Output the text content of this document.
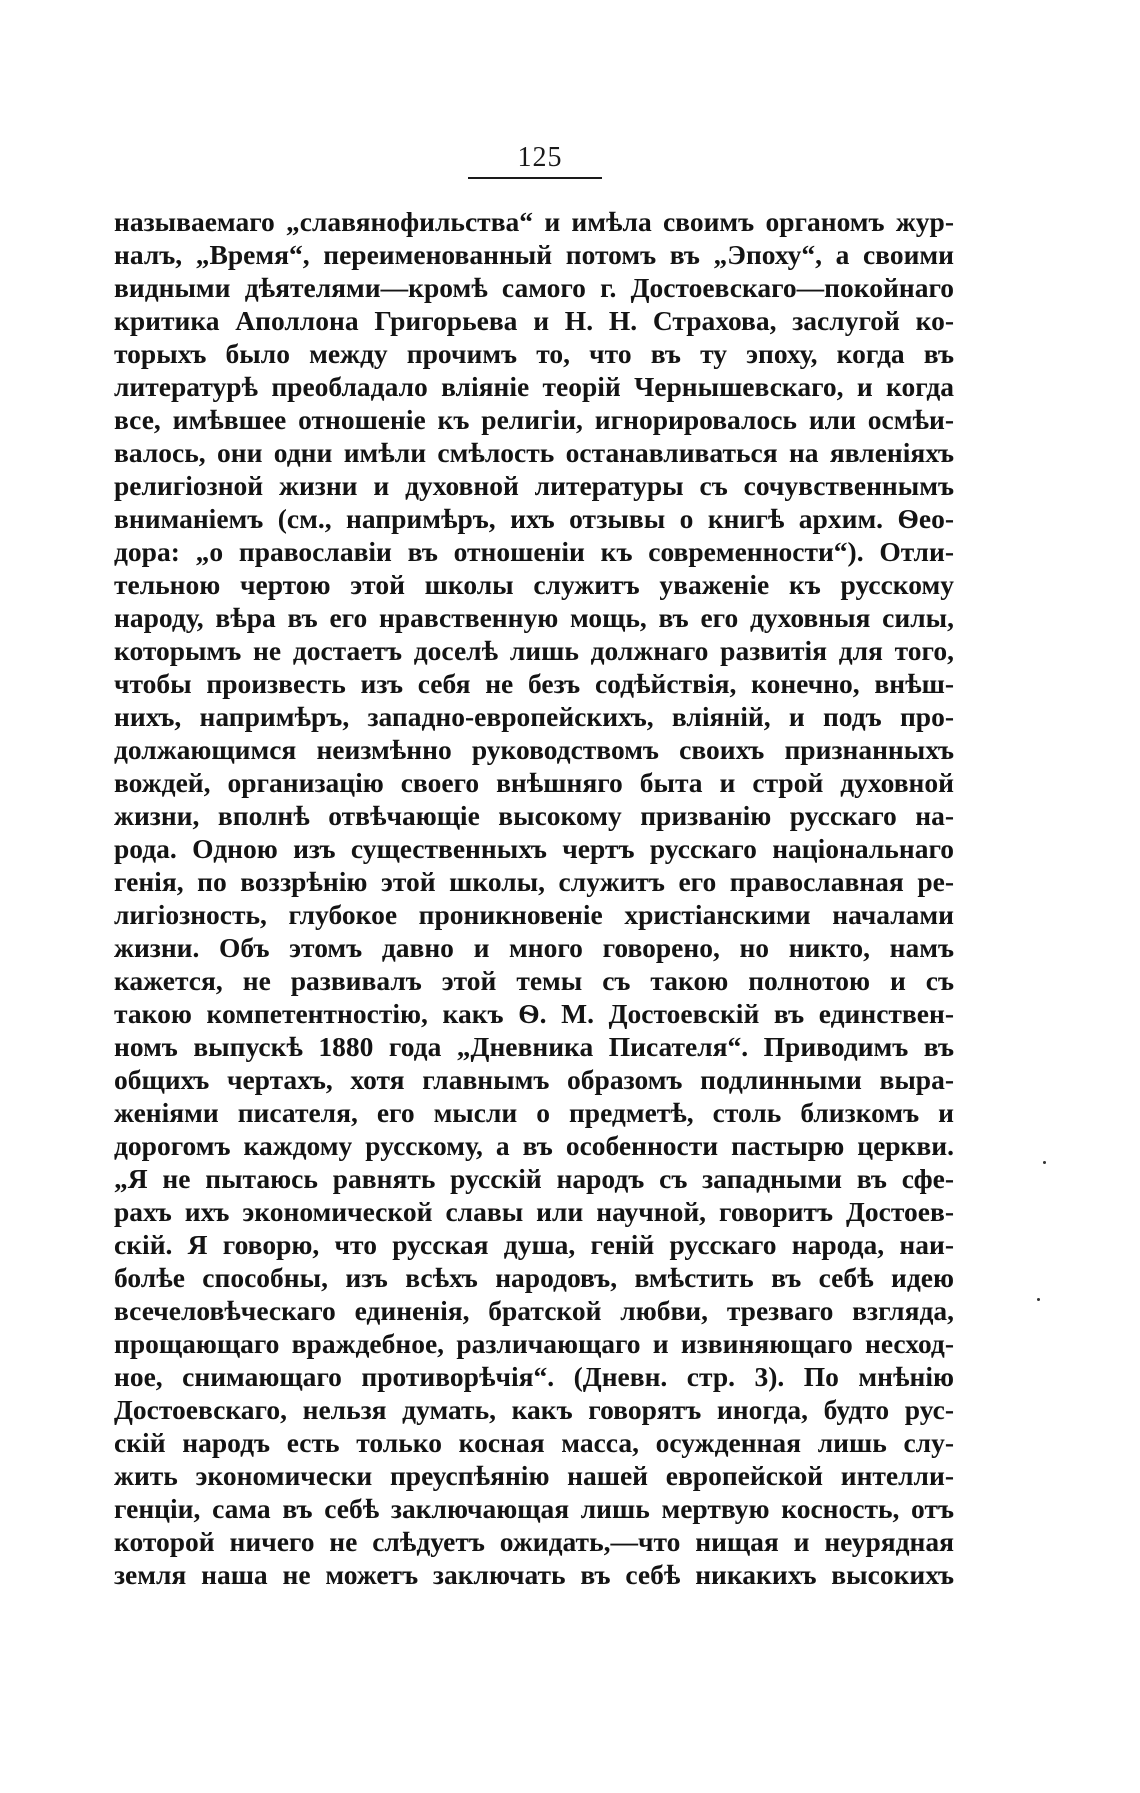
125
называемаго „славянофильства“ и имѣла своимъ органомъ жур-
налъ, „Время“, переименованный потомъ въ „Эпоху“, а своими
видными дѣятелями—кромѣ самого г. Достоевскаго—покойнаго
критика Аполлона Григорьева и Н. Н. Страхова, заслугой ко-
торыхъ было между прочимъ то, что въ ту эпоху, когда въ
литературѣ преобладало вліяніе теорій Чернышевскаго, и когда
все, имѣвшее отношеніе къ религіи, игнорировалось или осмѣи-
валось, они одни имѣли смѣлость останавливаться на явленіяхъ
религіозной жизни и духовной литературы съ сочувственнымъ
вниманіемъ (см., напримѣръ, ихъ отзывы о книгѣ архим. Ѳео-
дора: „о православіи въ отношеніи къ современности“). Отли-
тельною чертою этой школы служитъ уваженіе къ русскому
народу, вѣра въ его нравственную мощь, въ его духовныя силы,
которымъ не достаетъ доселѣ лишь должнаго развитія для того,
чтобы произвесть изъ себя не безъ содѣйствія, конечно, внѣш-
нихъ, напримѣръ, западно-европейскихъ, вліяній, и подъ про-
должающимся неизмѣнно руководствомъ своихъ признанныхъ
вождей, организацію своего внѣшняго быта и строй духовной
жизни, вполнѣ отвѣчающіе высокому призванію русскаго на-
рода. Одною изъ существенныхъ чертъ русскаго національнаго
генія, по воззрѣнію этой школы, служитъ его православная ре-
лигіозность, глубокое проникновеніе христіанскими началами
жизни. Объ этомъ давно и много говорено, но никто, намъ
кажется, не развивалъ этой темы съ такою полнотою и съ
такою компетентностію, какъ Ѳ. М. Достоевскій въ единствен-
номъ выпускѣ 1880 года „Дневника Писателя“. Приводимъ въ
общихъ чертахъ, хотя главнымъ образомъ подлинными выра-
женіями писателя, его мысли о предметѣ, столь близкомъ и
дорогомъ каждому русскому, а въ особенности пастырю церкви.
„Я не пытаюсь равнять русскій народъ съ западными въ сфе-
рахъ ихъ экономической славы или научной, говоритъ Достоев-
скій. Я говорю, что русская душа, геній русскаго народа, наи-
болѣе способны, изъ всѣхъ народовъ, вмѣстить въ себѣ идею
всечеловѣческаго единенія, братской любви, трезваго взгляда,
прощающаго враждебное, различающаго и извиняющаго несход-
ное, снимающаго противорѣчія“. (Дневн. стр. 3). По мнѣнію
Достоевскаго, нельзя думать, какъ говорятъ иногда, будто рус-
скій народъ есть только косная масса, осужденная лишь слу-
жить экономически преуспѣянію нашей европейской интелли-
генціи, сама въ себѣ заключающая лишь мертвую косность, отъ
которой ничего не слѣдуетъ ожидать,—что нищая и неурядная
земля наша не можетъ заключать въ себѣ никакихъ высокихъ
